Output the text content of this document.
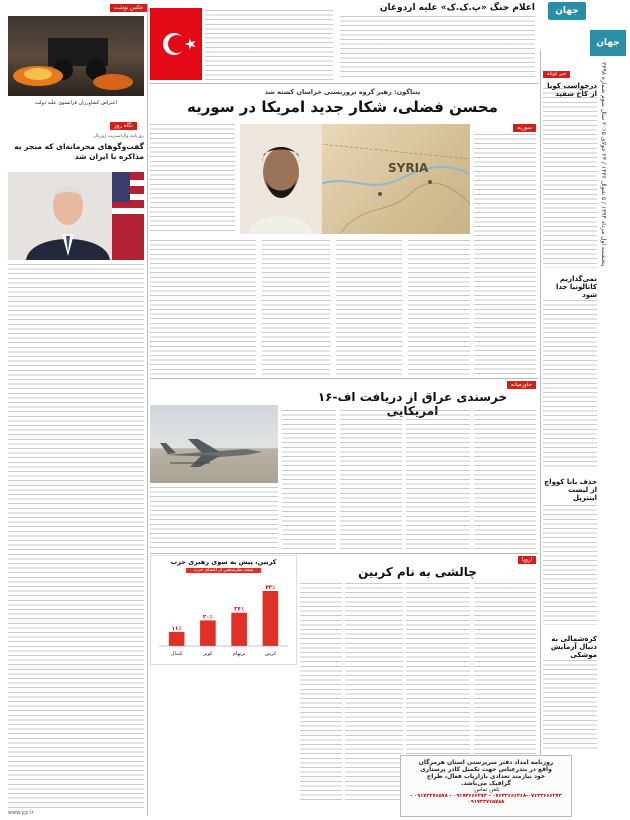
جهان
جهان
پنجشنبه اول مرداد ۱۳۹۴ / ۵ شوال ۱۴۳۶ / ۲۳ جولای ۲۰۱۵ سال سوم شماره ۲۳۹۸
خبر کوتاه
درخواست کوبا از کاخ سفید
نمی‌گذاریم کاتالونیا جدا شود
حذف بانا کوواچ از لیست اینترپل
کره‌شمالی به دنبال آزمایش موشکی
اعلام جنگ «پ.ک.ک» علیه اردوغان
پنتاگون: رهبر گروه تروریستی خراسان کشته شد
محسن فضلی، شکار جدید امریکا در سوریه
سوریه
SYRIA
خاورمیانه
خرسندی عراق از دریافت اف-۱۶ امریکایی
اروپا
چالشی به نام کربین
کربین، پیش به سوی رهبری حزب
نتیجه نظرسنجی از اعضای حزب
۴۳٪
کربین
۲۶٪
برنهام
۲۰٪
کوپر
۱۱٪
کندال
عکس نوشت
اعتراض کشاورزان فرانسوی علیه دولت
نگاه روز
روزنامه وال‌استریت ژورنال
گفت‌وگوهای محرمانه‌ای که منجر به مذاکره با ایران شد
www.yjc.ir
روزنامه امداد دفتر سرپرستی استان هرمزگان
واقع در بندرعباس جهت تکمیل کادر پرستاری
خود نیازمند تعدادی بازاریاب فعال، طراح
گرافیک می‌باشد.
تلفن تماس:
۰۷۶۳۳۶۶۶۲۶۸-۰۷۶۳۳۶۶۶۲۷۳ - ۰۹۱۷۳۶۶۶۲۷۳ - ۰۹۱۷۳۳۷۶۵۷۸ - ۰۹۱۷۳۳۷۶۵۷۸۸
